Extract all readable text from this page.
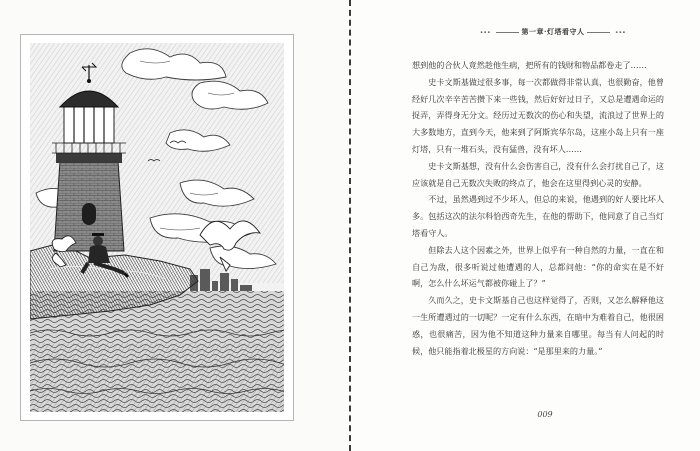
∙∙∙	第一章·灯塔看守人	∙∙∙

想到他的合伙人竟然趁他生病，把所有的钱财和物品都卷走了……

史卡文斯基做过很多事，每一次都做得非常认真，也很勤奋，他曾经好几次辛辛苦苦攒下来一些钱，然后好好过日子，又总是遭遇命运的捉弄，弄得身无分文。经历过无数次的伤心和失望，流浪过了世界上的大多数地方，直到今天，他来到了阿斯宾华尔岛，这座小岛上只有一座灯塔，只有一堆石头，没有猛兽，没有坏人……

史卡文斯基想，没有什么会伤害自己，没有什么会打扰自己了，这应该就是自己无数次失败的终点了，他会在这里得到心灵的安静。

不过，虽然遇到过不少坏人，但总的来说，他遇到的好人要比坏人多。包括这次的法尔科恰西奇先生，在他的帮助下，他同意了自己当灯塔看守人。

但除去人这个因素之外，世界上似乎有一种自然的力量，一直在和自己为敌，很多听说过他遭遇的人，总都问他：“你的命实在是不好啊，怎么什么坏运气都被你碰上了？”

久而久之，史卡文斯基自己也这样觉得了，否则，又怎么解释他这一生所遭遇过的一切呢？一定有什么东西，在暗中为难着自己，他很困惑，也很痛苦，因为他不知道这种力量来自哪里。每当有人问起的时候，他只能指着北极星的方向说：“是那里来的力量。”

009
